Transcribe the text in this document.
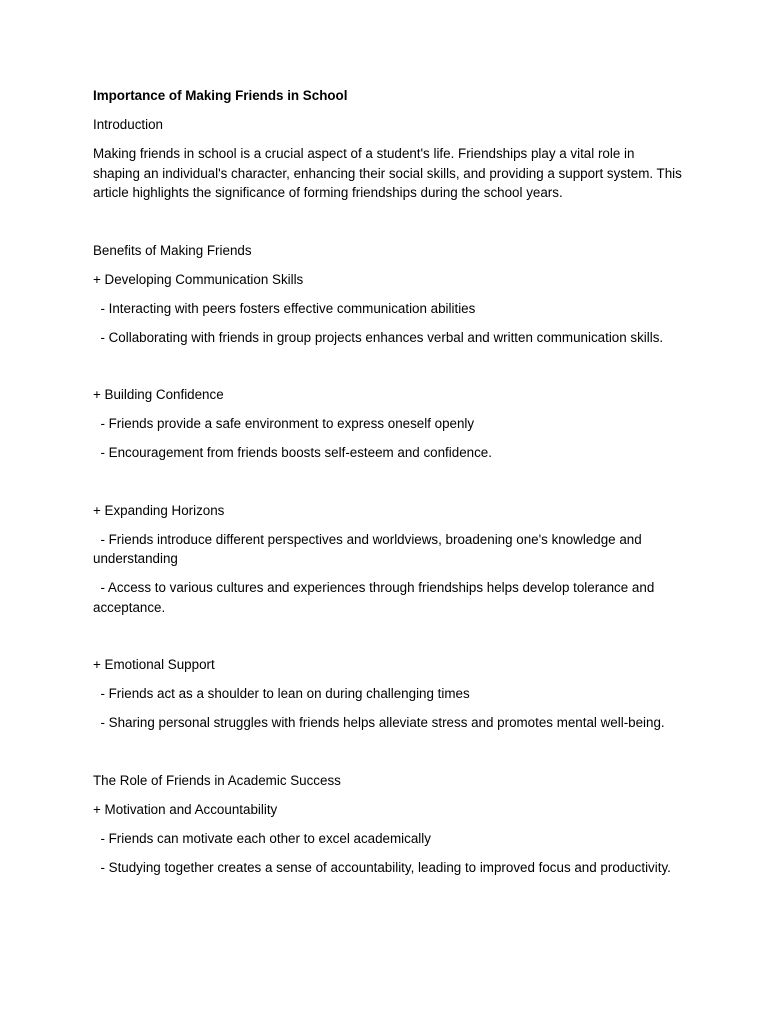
Importance of Making Friends in School

Introduction

Making friends in school is a crucial aspect of a student's life. Friendships play a vital role in shaping an individual's character, enhancing their social skills, and providing a support system. This article highlights the significance of forming friendships during the school years.

Benefits of Making Friends

+ Developing Communication Skills

- Interacting with peers fosters effective communication abilities

- Collaborating with friends in group projects enhances verbal and written communication skills.

+ Building Confidence

- Friends provide a safe environment to express oneself openly

- Encouragement from friends boosts self-esteem and confidence.

+ Expanding Horizons

- Friends introduce different perspectives and worldviews, broadening one's knowledge and understanding

- Access to various cultures and experiences through friendships helps develop tolerance and acceptance.

+ Emotional Support

- Friends act as a shoulder to lean on during challenging times

- Sharing personal struggles with friends helps alleviate stress and promotes mental well-being.

The Role of Friends in Academic Success

+ Motivation and Accountability

- Friends can motivate each other to excel academically

- Studying together creates a sense of accountability, leading to improved focus and productivity.
